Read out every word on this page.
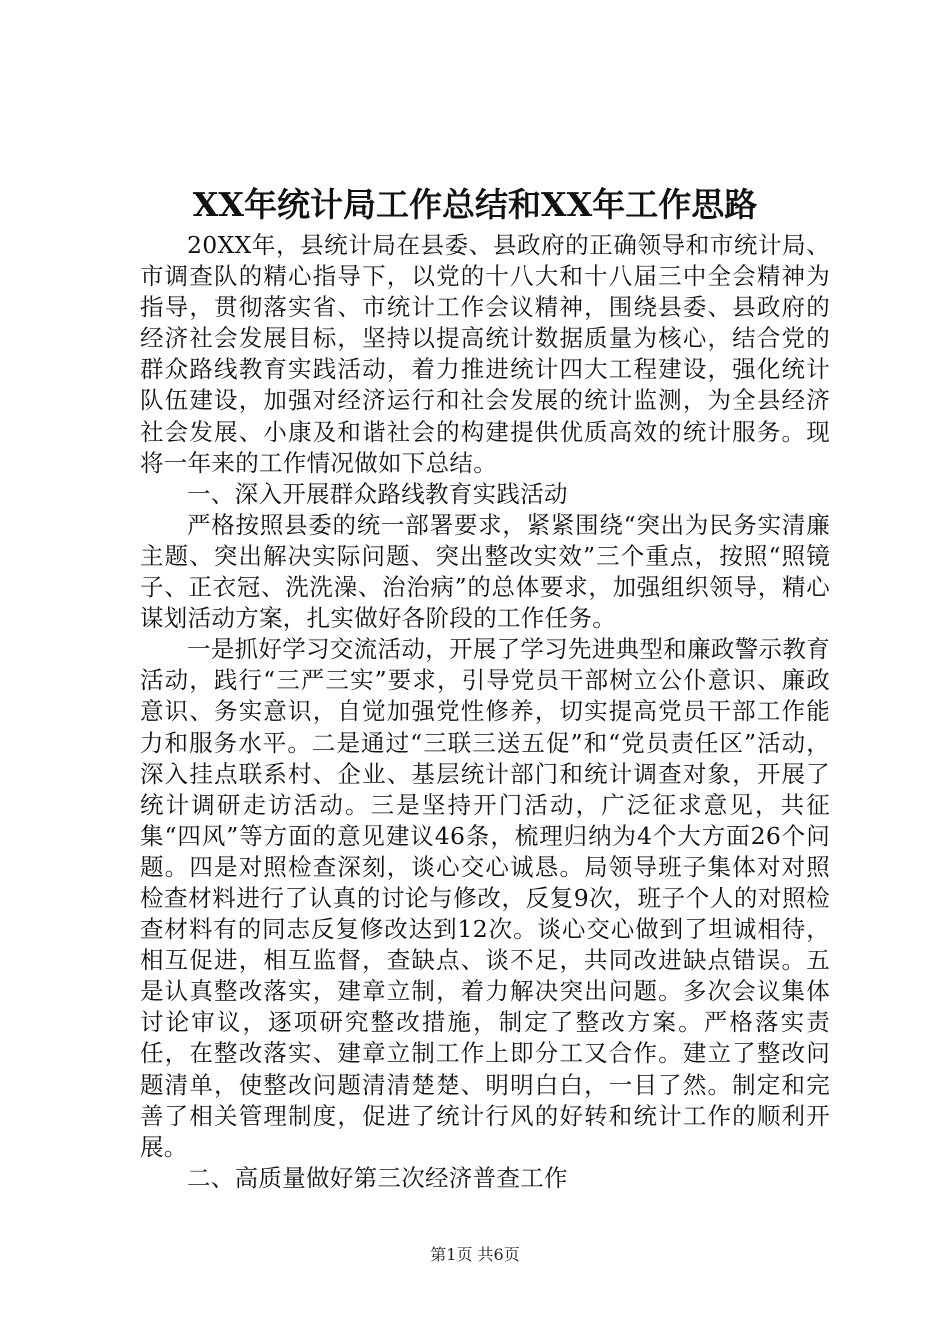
XX年统计局工作总结和XX年工作思路

20XX年，县统计局在县委、县政府的正确领导和市统计局、市调查队的精心指导下，以党的十八大和十八届三中全会精神为指导，贯彻落实省、市统计工作会议精神，围绕县委、县政府的经济社会发展目标，坚持以提高统计数据质量为核心，结合党的群众路线教育实践活动，着力推进统计四大工程建设，强化统计队伍建设，加强对经济运行和社会发展的统计监测，为全县经济社会发展、小康及和谐社会的构建提供优质高效的统计服务。现将一年来的工作情况做如下总结。

一、深入开展群众路线教育实践活动

严格按照县委的统一部署要求，紧紧围绕“突出为民务实清廉主题、突出解决实际问题、突出整改实效”三个重点，按照“照镜子、正衣冠、洗洗澡、治治病”的总体要求，加强组织领导，精心谋划活动方案，扎实做好各阶段的工作任务。

一是抓好学习交流活动，开展了学习先进典型和廉政警示教育活动，践行“三严三实”要求，引导党员干部树立公仆意识、廉政意识、务实意识，自觉加强党性修养，切实提高党员干部工作能力和服务水平。二是通过“三联三送五促”和“党员责任区”活动，深入挂点联系村、企业、基层统计部门和统计调查对象，开展了统计调研走访活动。三是坚持开门活动，广泛征求意见，共征集“四风”等方面的意见建议46条，梳理归纳为4个大方面26个问题。四是对照检查深刻，谈心交心诚恳。局领导班子集体对对照检查材料进行了认真的讨论与修改，反复9次，班子个人的对照检查材料有的同志反复修改达到12次。谈心交心做到了坦诚相待，相互促进，相互监督，查缺点、谈不足，共同改进缺点错误。五是认真整改落实，建章立制，着力解决突出问题。多次会议集体讨论审议，逐项研究整改措施，制定了整改方案。严格落实责任，在整改落实、建章立制工作上即分工又合作。建立了整改问题清单，使整改问题清清楚楚、明明白白，一目了然。制定和完善了相关管理制度，促进了统计行风的好转和统计工作的顺利开展。

二、高质量做好第三次经济普查工作

第1页 共6页
